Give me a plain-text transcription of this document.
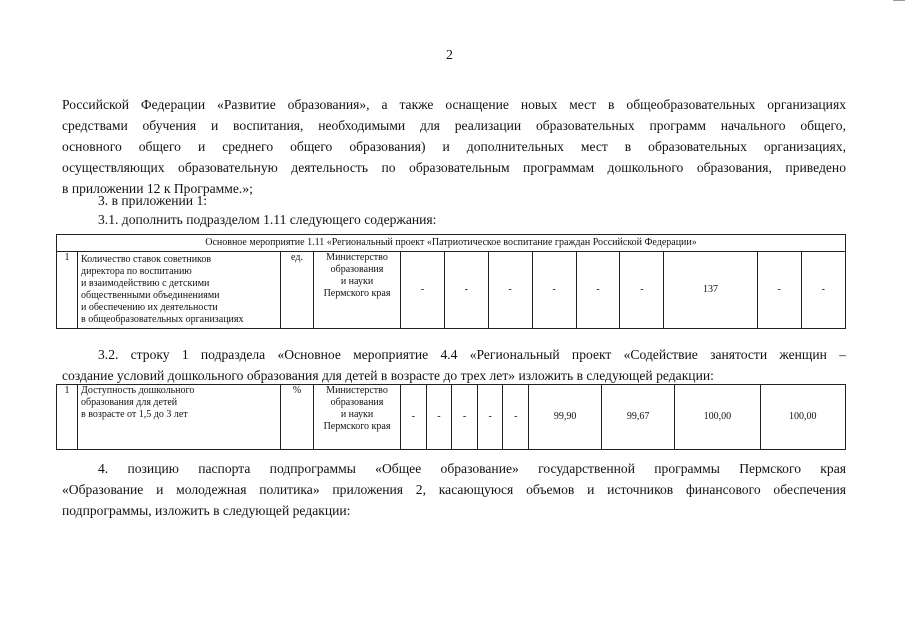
2
Российской Федерации «Развитие образования», а также оснащение новых мест в общеобразовательных организациях
средствами обучения и воспитания, необходимыми для реализации образовательных программ начального общего,
основного общего и среднего общего образования) и дополнительных мест в образовательных организациях,
осуществляющих образовательную деятельность по образовательным программам дошкольного образования, приведено
в приложении 12 к Программе.»;
3. в приложении 1:
3.1. дополнить подразделом 1.11 следующего содержания:
Основное мероприятие 1.11 «Региональный проект «Патриотическое воспитание граждан Российской Федерации»
1	Количество ставок советников
директора по воспитанию
и взаимодействию с детскими
общественными объединениями
и обеспечению их деятельности
в общеобразовательных организациях
	ед.	Министерство
образования
и науки
Пермского края	-	-	-	-	-	-	137	-	-
3.2. строку 1 подраздела «Основное мероприятие 4.4 «Региональный проект «Содействие занятости женщин –
создание условий дошкольного образования для детей в возрасте до трех лет» изложить в следующей редакции:
1	Доступность дошкольного
образования для детей
в возрасте от 1,5 до 3 лет
	%	Министерство
образования
и науки
Пермского края
	-	-	-	-	-	99,90	99,67	100,00	100,00
4. позицию паспорта подпрограммы «Общее образование» государственной программы Пермского края
«Образование и молодежная политика» приложения 2, касающуюся объемов и источников финансового обеспечения
подпрограммы, изложить в следующей редакции:
